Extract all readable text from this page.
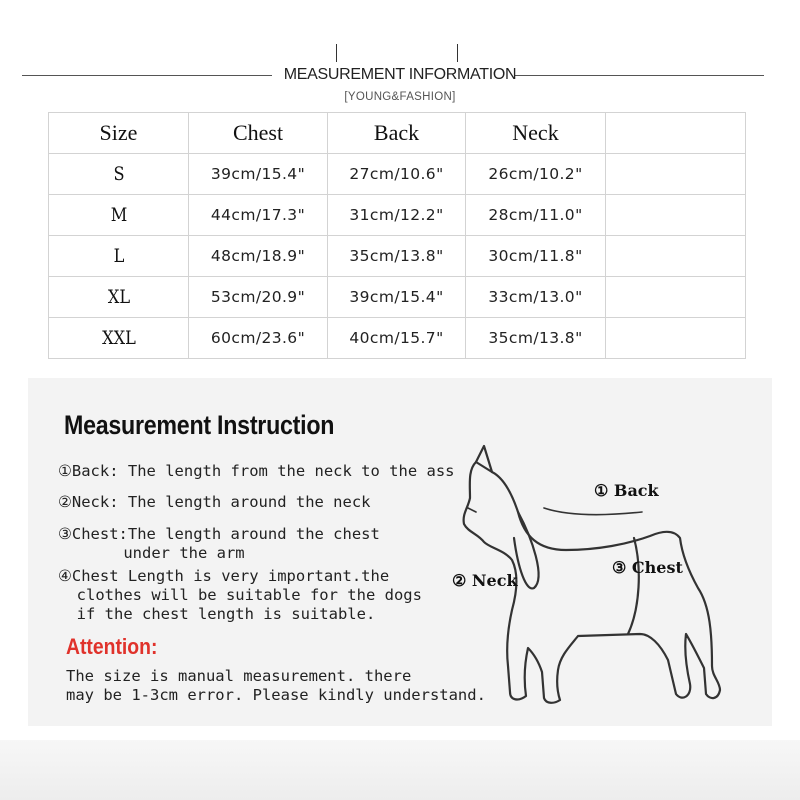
MEASUREMENT INFORMATION
[YOUNG&FASHION]
Size	Chest	Back	Neck	
S	39cm/15.4"	27cm/10.6"	26cm/10.2"	
M	44cm/17.3"	31cm/12.2"	28cm/11.0"	
L	48cm/18.9"	35cm/13.8"	30cm/11.8"	
XL	53cm/20.9"	39cm/15.4"	33cm/13.0"	
XXL	60cm/23.6"	40cm/15.7"	35cm/13.8"	
Measurement Instruction
①Back: The length from the neck to the ass
②Neck: The length around the neck
③Chest:The length around the chest
under the arm
④Chest Length is very important.the
clothes will be suitable for the dogs
if the chest length is suitable.
Attention:
The size is manual measurement. there
may be 1-3cm error. Please kindly understand.
① Back
② Neck
③ Chest
